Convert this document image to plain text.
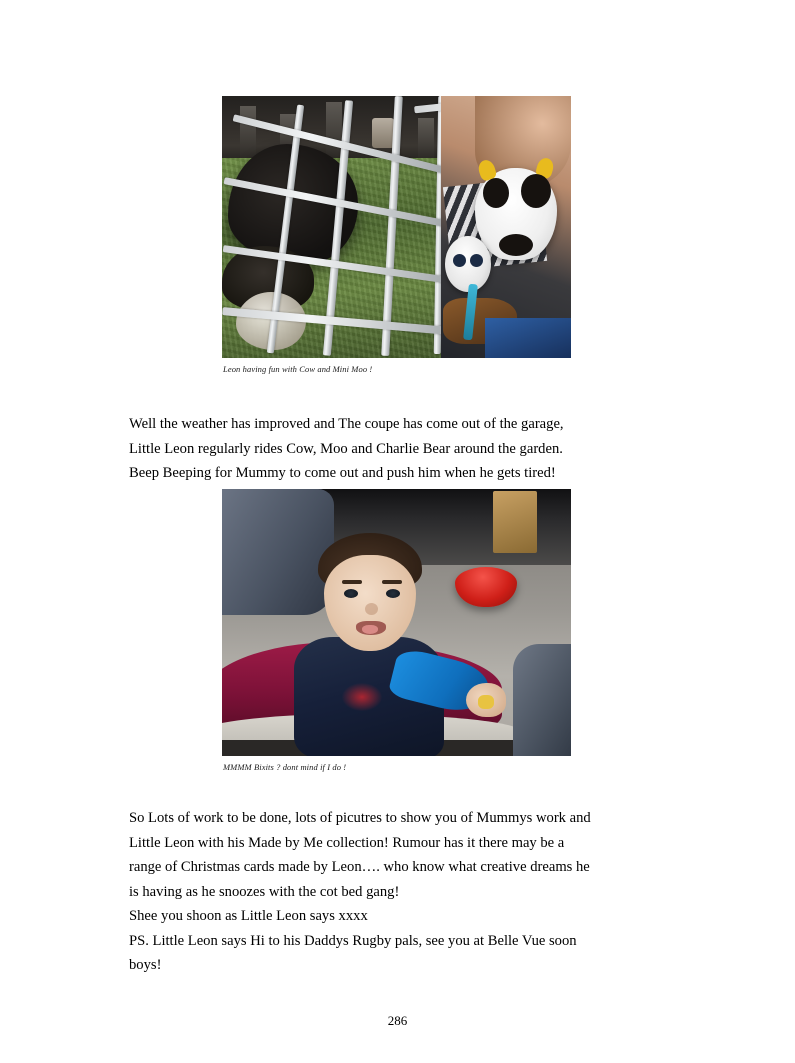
Leon having fun with Cow and Mini Moo !
Well the weather has improved and The coupe has come out of the garage,
Little Leon regularly rides Cow, Moo and Charlie Bear around the garden.
Beep Beeping for Mummy to come out and push him when he gets tired!
MMMM Bixits ? dont mind if I do !
So Lots of work to be done, lots of picutres to show you of Mummys work and
Little Leon with his Made by Me collection! Rumour has it there may be a
range of Christmas cards made by Leon…. who know what creative dreams he
is having as he snoozes with the cot bed gang!
Shee you shoon as Little Leon says xxxx
PS. Little Leon says Hi to his Daddys Rugby pals, see you at Belle Vue soon
boys!
286
